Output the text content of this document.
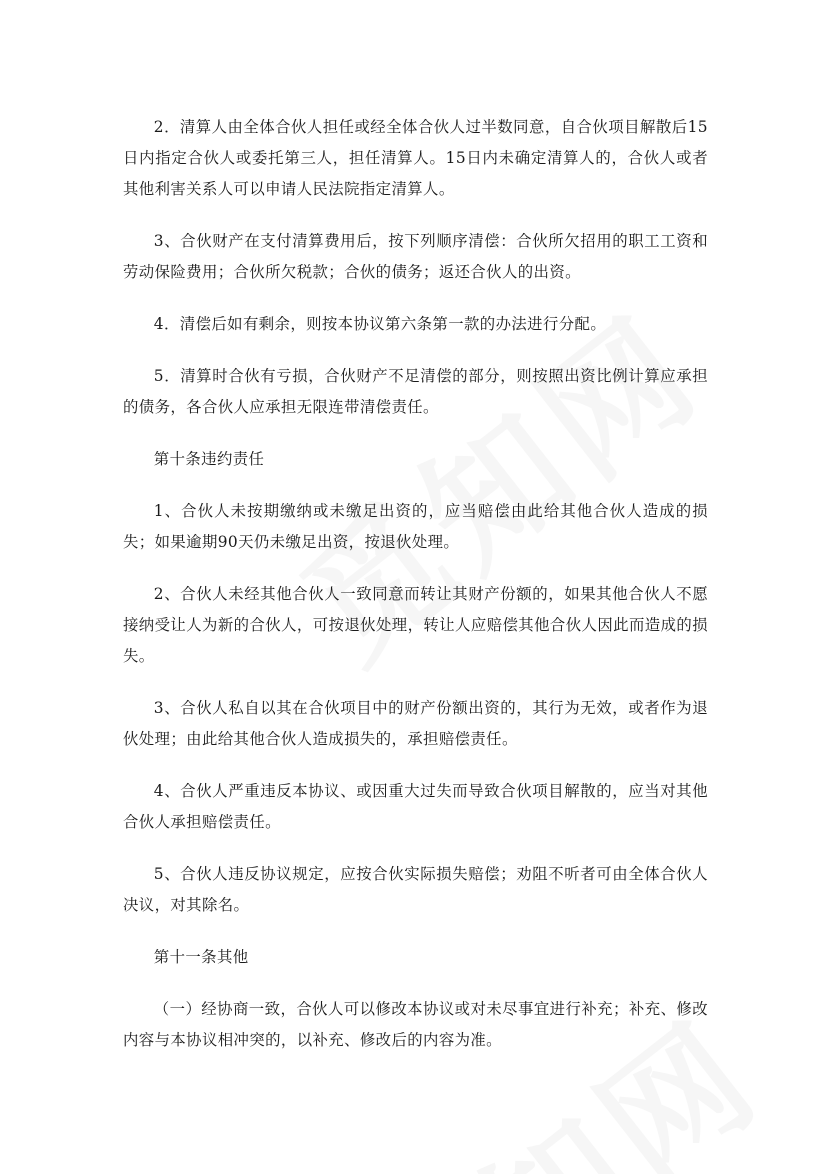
2．清算人由全体合伙人担任或经全体合伙人过半数同意，自合伙项目解散后15日内指定合伙人或委托第三人，担任清算人。15日内未确定清算人的，合伙人或者其他利害关系人可以申请人民法院指定清算人。

3、合伙财产在支付清算费用后，按下列顺序清偿：合伙所欠招用的职工工资和劳动保险费用；合伙所欠税款；合伙的债务；返还合伙人的出资。

4．清偿后如有剩余，则按本协议第六条第一款的办法进行分配。

5．清算时合伙有亏损，合伙财产不足清偿的部分，则按照出资比例计算应承担的债务，各合伙人应承担无限连带清偿责任。

第十条违约责任

1、合伙人未按期缴纳或未缴足出资的，应当赔偿由此给其他合伙人造成的损失；如果逾期90天仍未缴足出资，按退伙处理。

2、合伙人未经其他合伙人一致同意而转让其财产份额的，如果其他合伙人不愿接纳受让人为新的合伙人，可按退伙处理，转让人应赔偿其他合伙人因此而造成的损失。

3、合伙人私自以其在合伙项目中的财产份额出资的，其行为无效，或者作为退伙处理；由此给其他合伙人造成损失的，承担赔偿责任。

4、合伙人严重违反本协议、或因重大过失而导致合伙项目解散的，应当对其他合伙人承担赔偿责任。

5、合伙人违反协议规定，应按合伙实际损失赔偿；劝阻不听者可由全体合伙人决议，对其除名。

第十一条其他

（一）经协商一致，合伙人可以修改本协议或对未尽事宜进行补充；补充、修改内容与本协议相冲突的，以补充、修改后的内容为准。
